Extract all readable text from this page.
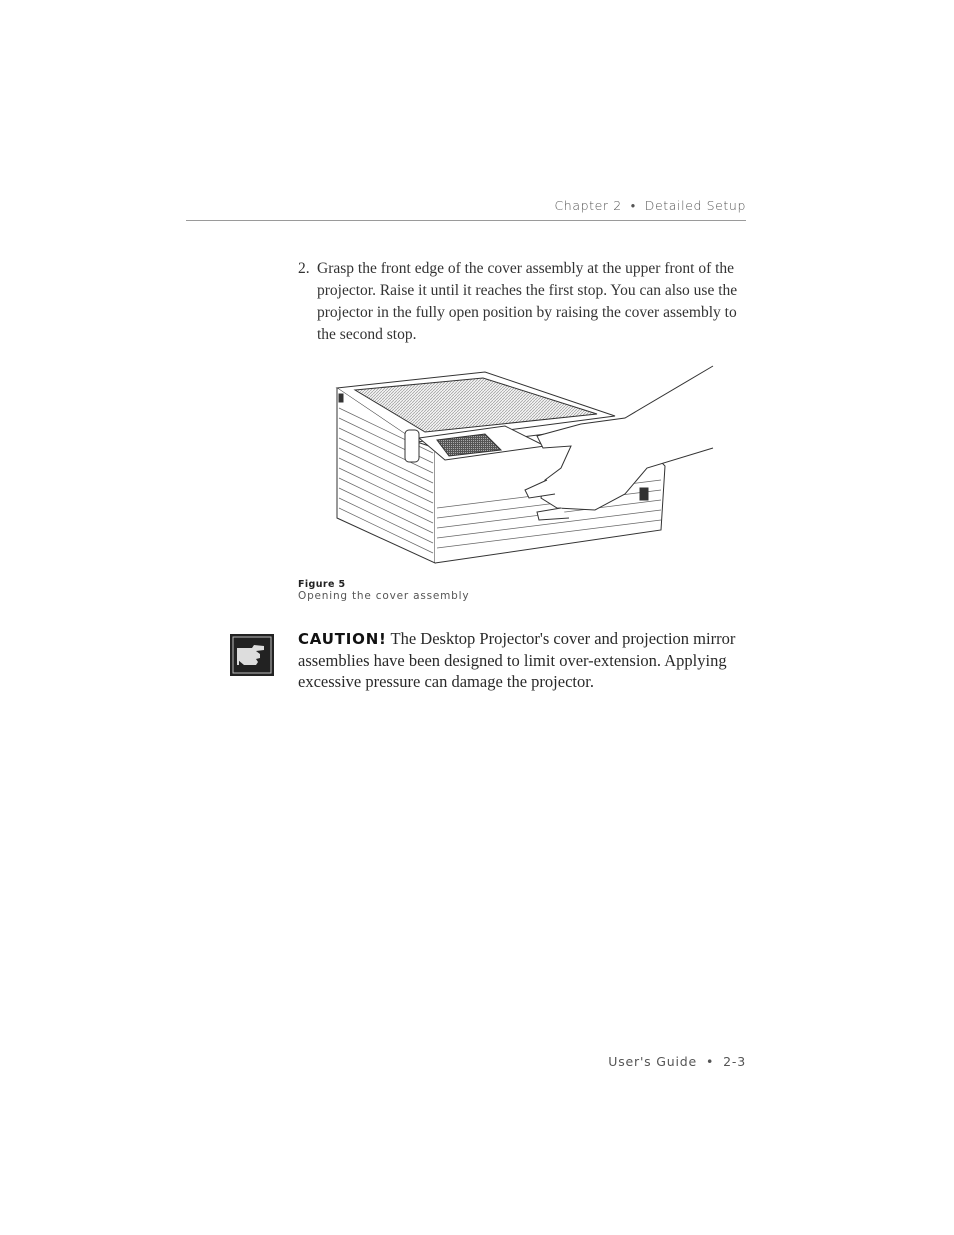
Chapter 2 • Detailed Setup
2. Grasp the front edge of the cover assembly at the upper front of the projector. Raise it until it reaches the first stop. You can also use the projector in the fully open position by raising the cover assembly to the second stop.
Figure 5
Opening the cover assembly
CAUTION! The Desktop Projector's cover and projection mirror assemblies have been designed to limit over-extension. Applying excessive pressure can damage the projector.
User's Guide • 2-3
